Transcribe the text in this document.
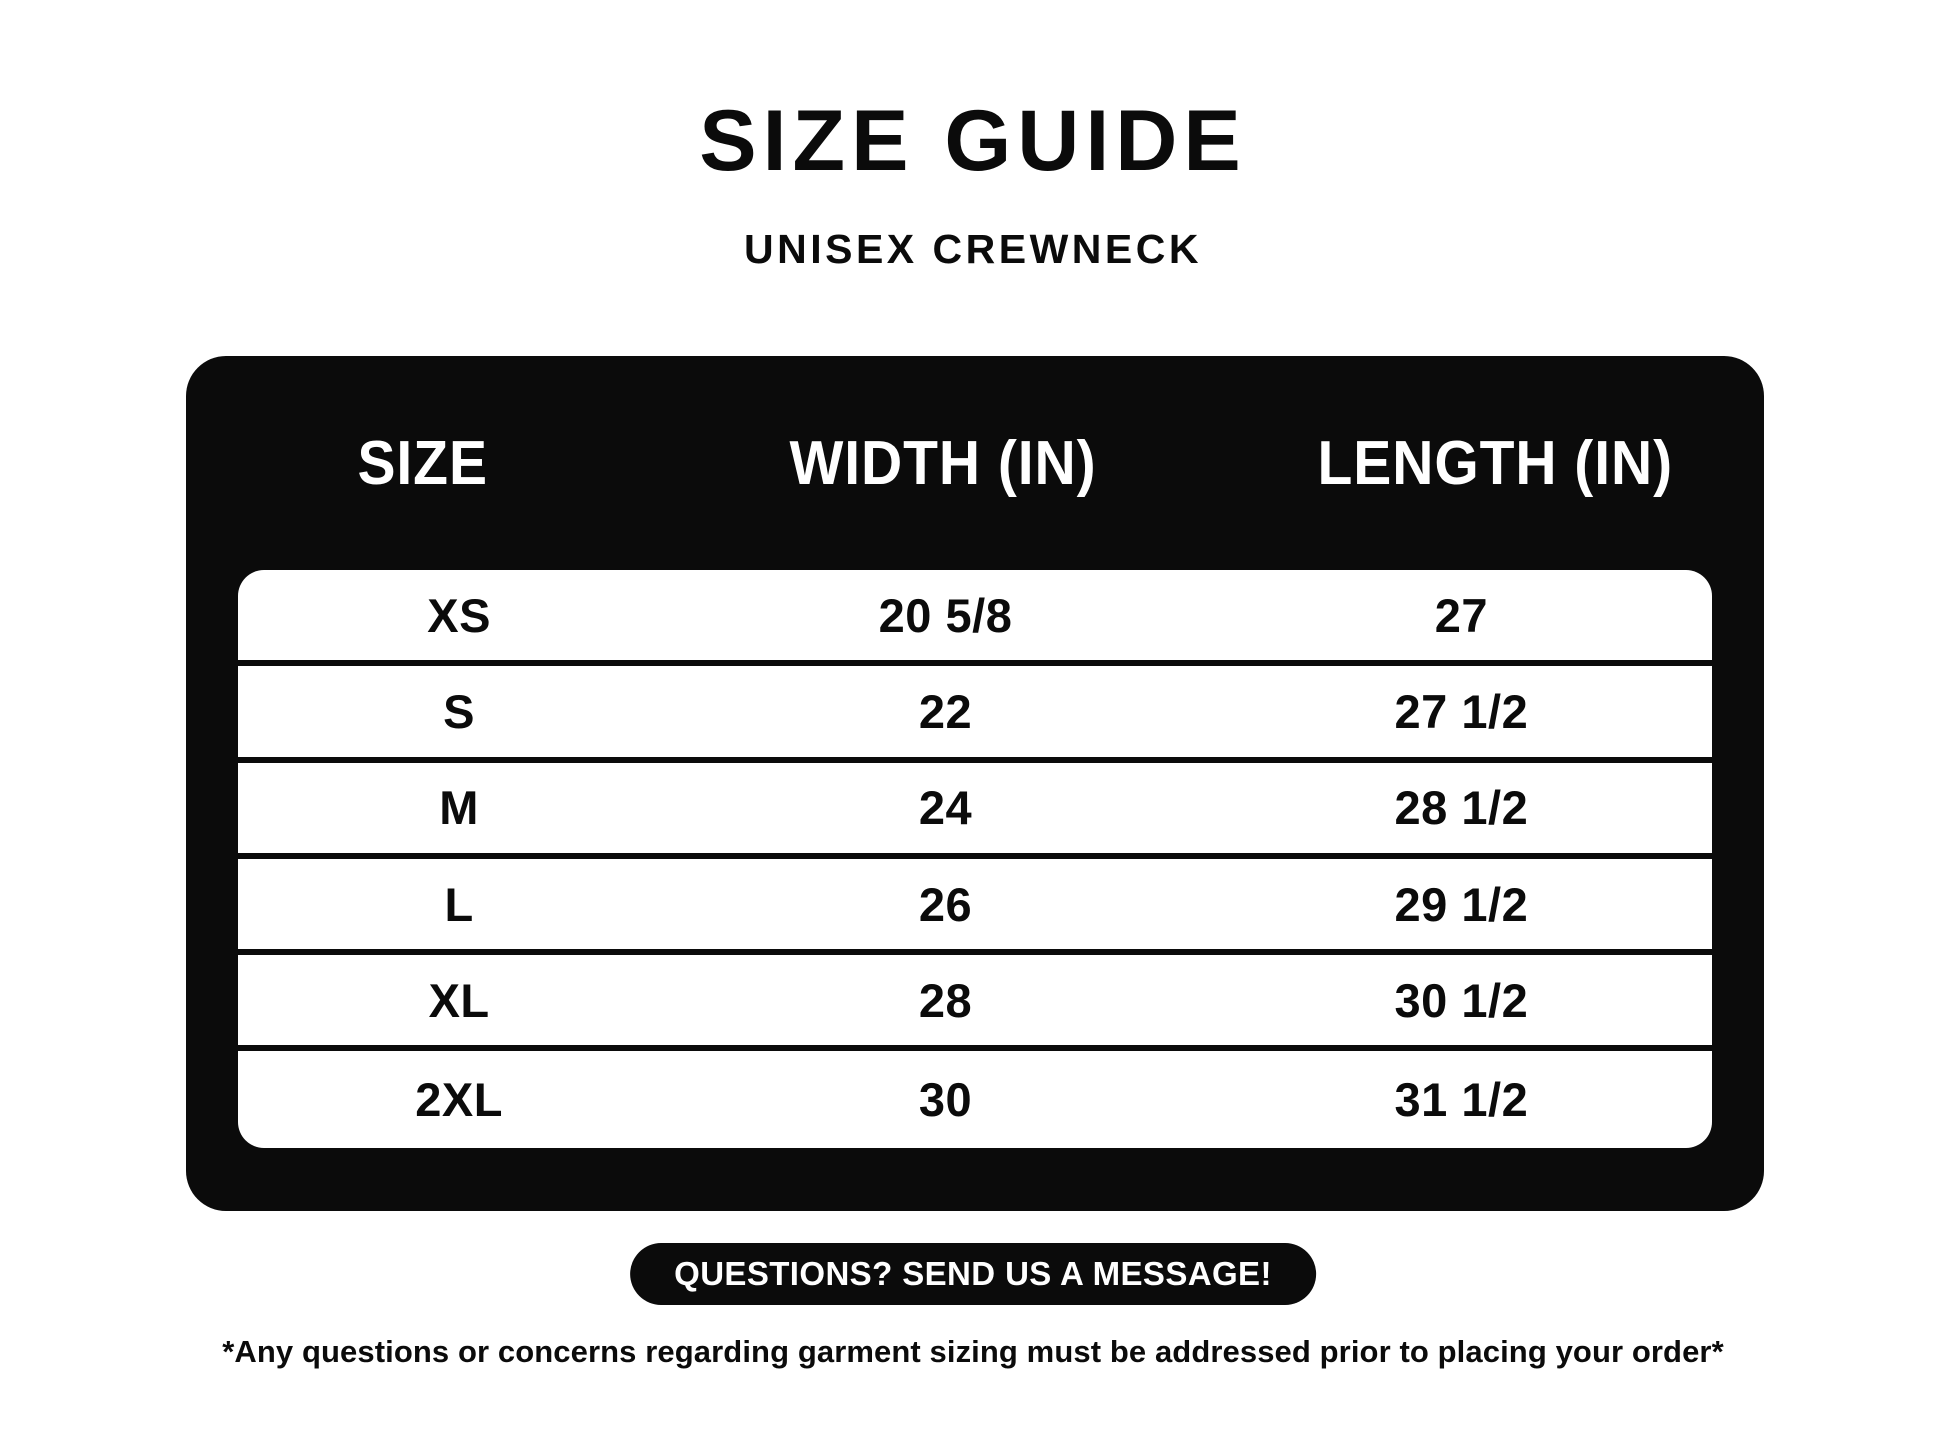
SIZE GUIDE
UNISEX CREWNECK
SIZE	WIDTH (IN)	LENGTH (IN)
XS	20 5/8	27
S	22	27 1/2
M	24	28 1/2
L	26	29 1/2
XL	28	30 1/2
2XL	30	31 1/2
QUESTIONS? SEND US A MESSAGE!
*Any questions or concerns regarding garment sizing must be addressed prior to placing your order*
